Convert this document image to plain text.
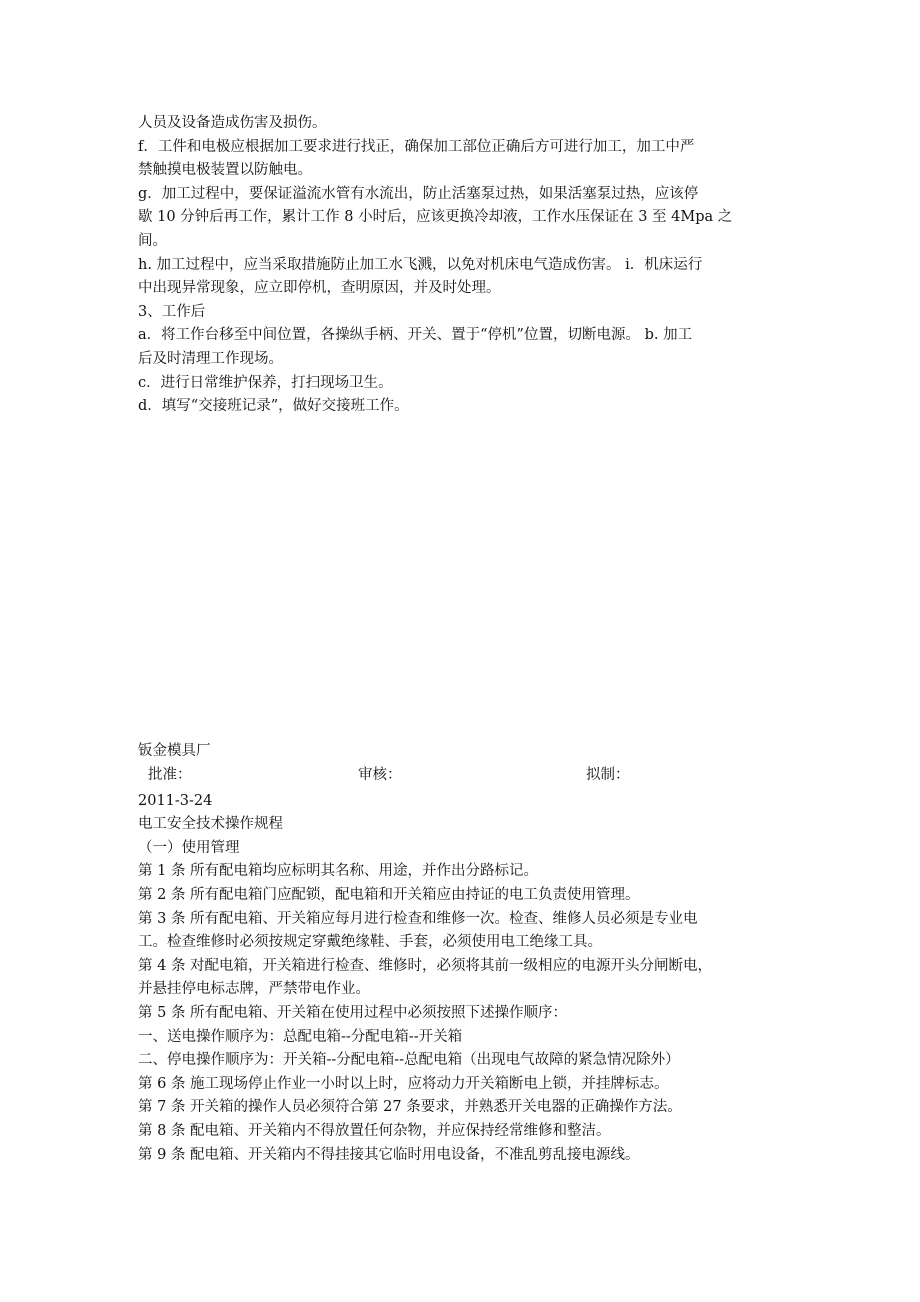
人员及设备造成伤害及损伤。
f．工件和电极应根据加工要求进行找正，确保加工部位正确后方可进行加工，加工中严
禁触摸电极装置以防触电。
g．加工过程中，要保证溢流水管有水流出，防止活塞泵过热，如果活塞泵过热，应该停
歇 10 分钟后再工作，累计工作 8 小时后，应该更换冷却液，工作水压保证在 3 至 4Mpa 之
间。
h. 加工过程中，应当采取措施防止加工水飞溅，以免对机床电气造成伤害。 i．机床运行
中出现异常现象，应立即停机，查明原因，并及时处理。
3、工作后
a．将工作台移至中间位置，各操纵手柄、开关、置于“停机”位置，切断电源。 b. 加工
后及时清理工作现场。
c．进行日常维护保养，打扫现场卫生。
d．填写“交接班记录”，做好交接班工作。
钣金模具厂
批准：	审核：	拟制：
2011-3-24
电工安全技术操作规程
（一）使用管理
第 1 条 所有配电箱均应标明其名称、用途，并作出分路标记。
第 2 条 所有配电箱门应配锁，配电箱和开关箱应由持证的电工负责使用管理。
第 3 条 所有配电箱、开关箱应每月进行检查和维修一次。检查、维修人员必须是专业电
工。检查维修时必须按规定穿戴绝缘鞋、手套，必须使用电工绝缘工具。
第 4 条 对配电箱，开关箱进行检查、维修时，必须将其前一级相应的电源开头分闸断电，
并悬挂停电标志牌，严禁带电作业。
第 5 条 所有配电箱、开关箱在使用过程中必须按照下述操作顺序：
一、送电操作顺序为：总配电箱--分配电箱--开关箱
二、停电操作顺序为：开关箱--分配电箱--总配电箱（出现电气故障的紧急情况除外）
第 6 条 施工现场停止作业一小时以上时，应将动力开关箱断电上锁，并挂牌标志。
第 7 条 开关箱的操作人员必须符合第 27 条要求，并熟悉开关电器的正确操作方法。
第 8 条 配电箱、开关箱内不得放置任何杂物，并应保持经常维修和整洁。
第 9 条 配电箱、开关箱内不得挂接其它临时用电设备，不准乱剪乱接电源线。
